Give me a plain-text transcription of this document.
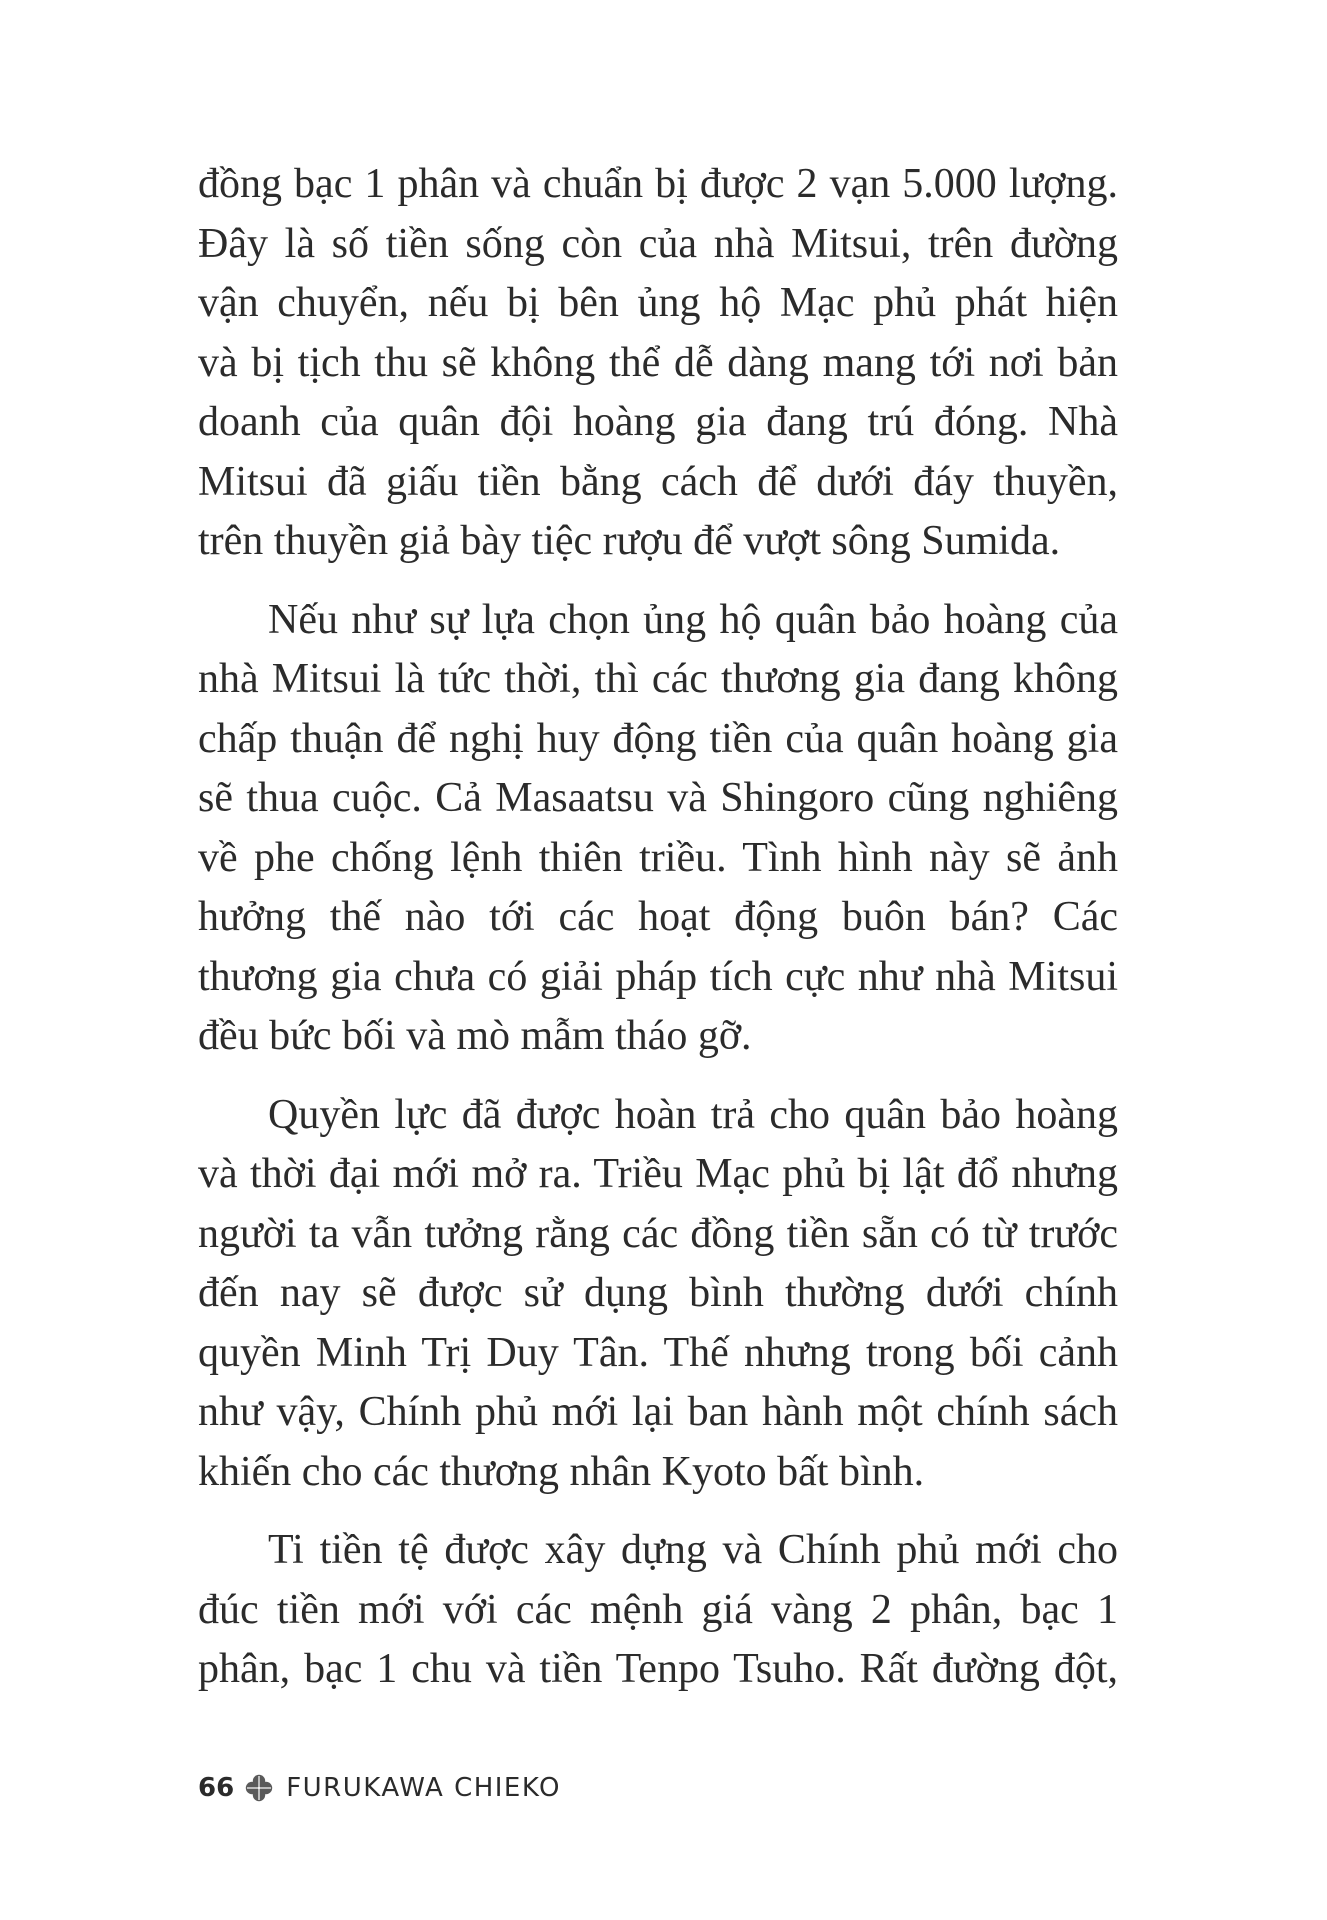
đồng bạc 1 phân và chuẩn bị được 2 vạn 5.000 lượng.
Đây là số tiền sống còn của nhà Mitsui, trên đường
vận chuyển, nếu bị bên ủng hộ Mạc phủ phát hiện
và bị tịch thu sẽ không thể dễ dàng mang tới nơi bản
doanh của quân đội hoàng gia đang trú đóng. Nhà
Mitsui đã giấu tiền bằng cách để dưới đáy thuyền,
trên thuyền giả bày tiệc rượu để vượt sông Sumida.

Nếu như sự lựa chọn ủng hộ quân bảo hoàng của
nhà Mitsui là tức thời, thì các thương gia đang không
chấp thuận để nghị huy động tiền của quân hoàng gia
sẽ thua cuộc. Cả Masaatsu và Shingoro cũng nghiêng
về phe chống lệnh thiên triều. Tình hình này sẽ ảnh
hưởng thế nào tới các hoạt động buôn bán? Các
thương gia chưa có giải pháp tích cực như nhà Mitsui
đều bức bối và mò mẫm tháo gỡ.

Quyền lực đã được hoàn trả cho quân bảo hoàng
và thời đại mới mở ra. Triều Mạc phủ bị lật đổ nhưng
người ta vẫn tưởng rằng các đồng tiền sẵn có từ trước
đến nay sẽ được sử dụng bình thường dưới chính
quyền Minh Trị Duy Tân. Thế nhưng trong bối cảnh
như vậy, Chính phủ mới lại ban hành một chính sách
khiến cho các thương nhân Kyoto bất bình.

Ti tiền tệ được xây dựng và Chính phủ mới cho
đúc tiền mới với các mệnh giá vàng 2 phân, bạc 1
phân, bạc 1 chu và tiền Tenpo Tsuho. Rất đường đột,

66 FURUKAWA CHIEKO
